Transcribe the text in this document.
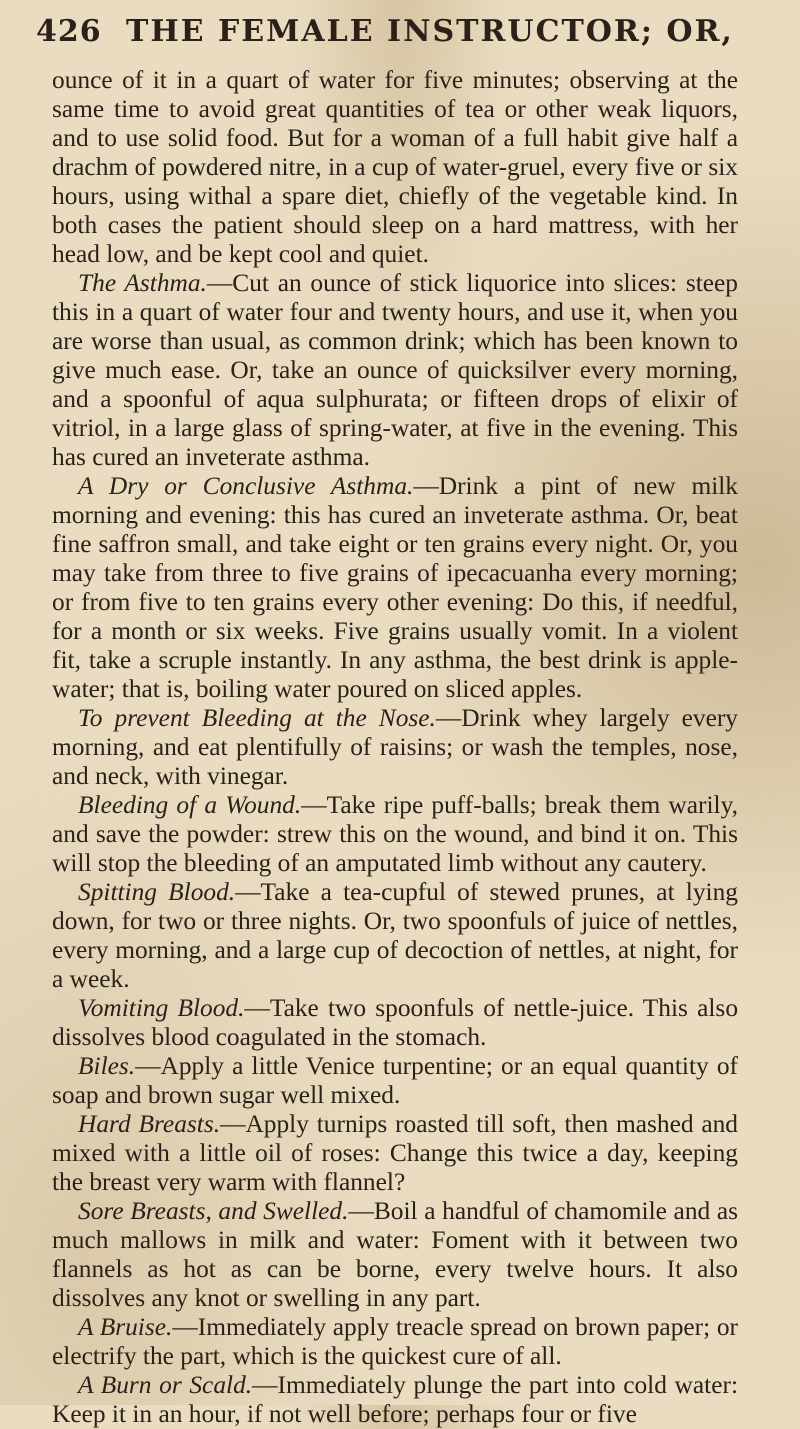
426 THE FEMALE INSTRUCTOR; OR,

ounce of it in a quart of water for five minutes; observing at the same time to avoid great quantities of tea or other weak liquors, and to use solid food. But for a woman of a full habit give half a drachm of powdered nitre, in a cup of water-gruel, every five or six hours, using withal a spare diet, chiefly of the vegetable kind. In both cases the patient should sleep on a hard mattress, with her head low, and be kept cool and quiet.

The Asthma.—Cut an ounce of stick liquorice into slices: steep this in a quart of water four and twenty hours, and use it, when you are worse than usual, as common drink; which has been known to give much ease. Or, take an ounce of quicksilver every morning, and a spoonful of aqua sulphurata; or fifteen drops of elixir of vitriol, in a large glass of spring-water, at five in the evening. This has cured an inveterate asthma.

A Dry or Conclusive Asthma.—Drink a pint of new milk morning and evening: this has cured an inveterate asthma. Or, beat fine saffron small, and take eight or ten grains every night. Or, you may take from three to five grains of ipecacuanha every morning; or from five to ten grains every other evening: Do this, if needful, for a month or six weeks. Five grains usually vomit. In a violent fit, take a scruple instantly. In any asthma, the best drink is apple-water; that is, boiling water poured on sliced apples.

To prevent Bleeding at the Nose.—Drink whey largely every morning, and eat plentifully of raisins; or wash the temples, nose, and neck, with vinegar.

Bleeding of a Wound.—Take ripe puff-balls; break them warily, and save the powder: strew this on the wound, and bind it on. This will stop the bleeding of an amputated limb without any cautery.

Spitting Blood.—Take a tea-cupful of stewed prunes, at lying down, for two or three nights. Or, two spoonfuls of juice of nettles, every morning, and a large cup of decoction of nettles, at night, for a week.

Vomiting Blood.—Take two spoonfuls of nettle-juice. This also dissolves blood coagulated in the stomach.

Biles.—Apply a little Venice turpentine; or an equal quantity of soap and brown sugar well mixed.

Hard Breasts.—Apply turnips roasted till soft, then mashed and mixed with a little oil of roses: Change this twice a day, keeping the breast very warm with flannel?

Sore Breasts, and Swelled.—Boil a handful of chamomile and as much mallows in milk and water: Foment with it between two flannels as hot as can be borne, every twelve hours. It also dissolves any knot or swelling in any part.

A Bruise.—Immediately apply treacle spread on brown paper; or electrify the part, which is the quickest cure of all.

A Burn or Scald.—Immediately plunge the part into cold water: Keep it in an hour, if not well before; perhaps four or five
